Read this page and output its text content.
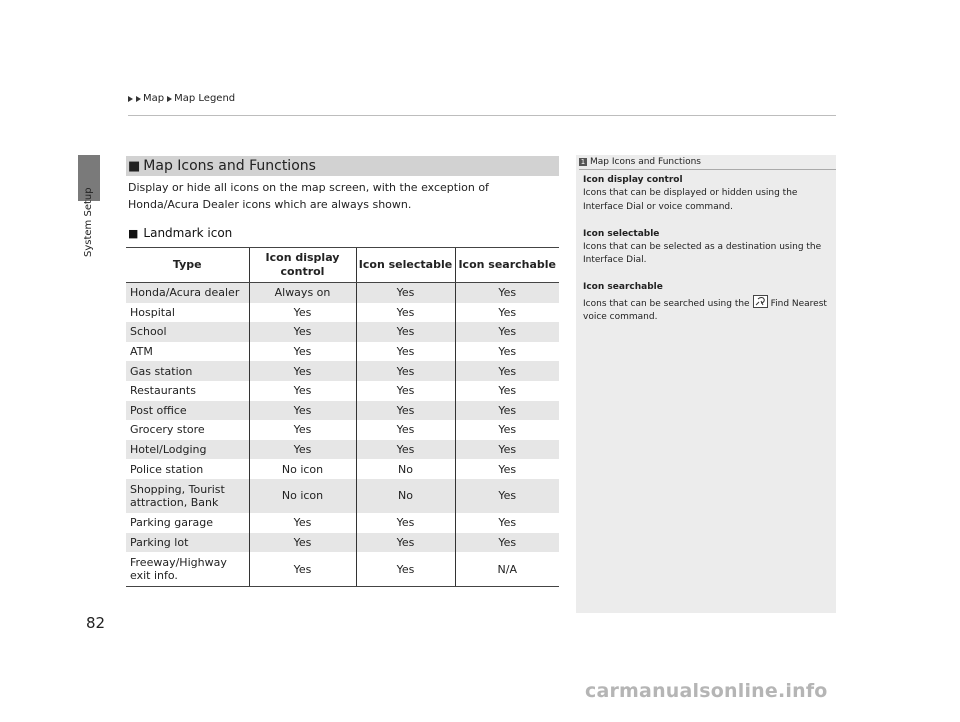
Map Map Legend
System Setup
82
■ Map Icons and Functions
Display or hide all icons on the map screen, with the exception of Honda/Acura Dealer icons which are always shown.
■ Landmark icon
Type	Icon display control	Icon selectable	Icon searchable
Honda/Acura dealer	Always on	Yes	Yes
Hospital	Yes	Yes	Yes
School	Yes	Yes	Yes
ATM	Yes	Yes	Yes
Gas station	Yes	Yes	Yes
Restaurants	Yes	Yes	Yes
Post office	Yes	Yes	Yes
Grocery store	Yes	Yes	Yes
Hotel/Lodging	Yes	Yes	Yes
Police station	No icon	No	Yes
Shopping, Tourist attraction, Bank	No icon	No	Yes
Parking garage	Yes	Yes	Yes
Parking lot	Yes	Yes	Yes
Freeway/Highway exit info.	Yes	Yes	N/A
1 Map Icons and Functions
Icon display control
Icons that can be displayed or hidden using the Interface Dial or voice command.
Icon selectable
Icons that can be selected as a destination using the Interface Dial.
Icon searchable
Icons that can be searched using the Find Nearest voice command.
carmanualsonline.info
